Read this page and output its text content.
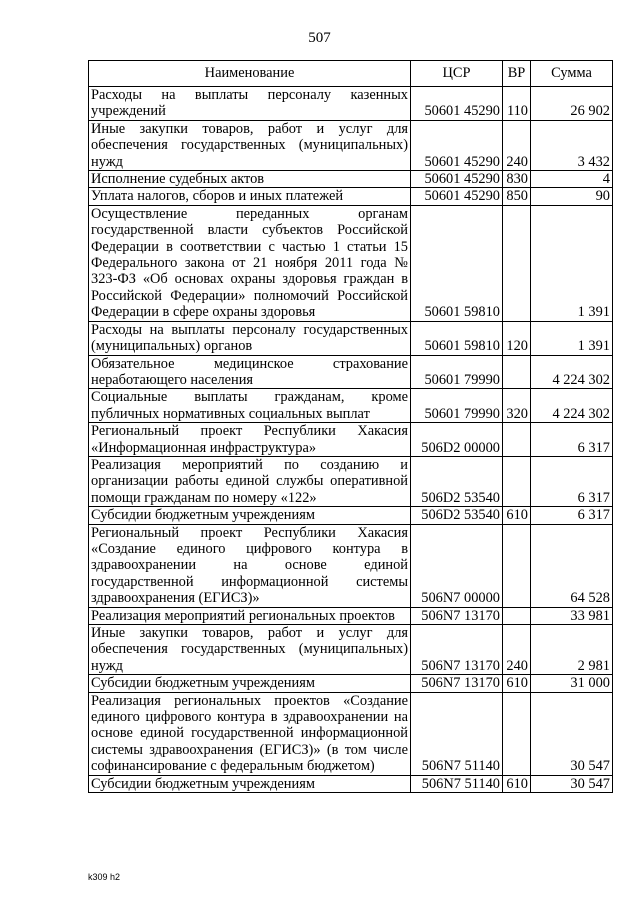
507
Наименование	ЦСР	ВР	Сумма
Расходы на выплаты персоналу казенных учреждений	50601 45290	110	26 902
Иные закупки товаров, работ и услуг для обеспечения государственных (муниципальных) нужд	50601 45290	240	3 432
Исполнение судебных актов	50601 45290	830	4
Уплата налогов, сборов и иных платежей	50601 45290	850	90
Осуществление переданных органам государственной власти субъектов Российской Федерации в соответствии с частью 1 статьи 15 Федерального закона от 21 ноября 2011 года № 323-ФЗ «Об основах охраны здоровья граждан в Российской Федерации» полномочий Российской Федерации в сфере охраны здоровья	50601 59810		1 391
Расходы на выплаты персоналу государственных (муниципальных) органов	50601 59810	120	1 391
Обязательное медицинское страхование неработающего населения	50601 79990		4 224 302
Социальные выплаты гражданам, кроме публичных нормативных социальных выплат	50601 79990	320	4 224 302
Региональный проект Республики Хакасия «Информационная инфраструктура»	506D2 00000		6 317
Реализация мероприятий по созданию и организации работы единой службы оперативной помощи гражданам по номеру «122»	506D2 53540		6 317
Субсидии бюджетным учреждениям	506D2 53540	610	6 317
Региональный проект Республики Хакасия «Создание единого цифрового контура в здравоохранении на основе единой государственной информационной системы здравоохранения (ЕГИСЗ)»	506N7 00000		64 528
Реализация мероприятий региональных проектов	506N7 13170		33 981
Иные закупки товаров, работ и услуг для обеспечения государственных (муниципальных) нужд	506N7 13170	240	2 981
Субсидии бюджетным учреждениям	506N7 13170	610	31 000
Реализация региональных проектов «Создание единого цифрового контура в здравоохранении на основе единой государственной информационной системы здравоохранения (ЕГИСЗ)» (в том числе софинансирование с федеральным бюджетом)	506N7 51140		30 547
Субсидии бюджетным учреждениям	506N7 51140	610	30 547
k309 h2
